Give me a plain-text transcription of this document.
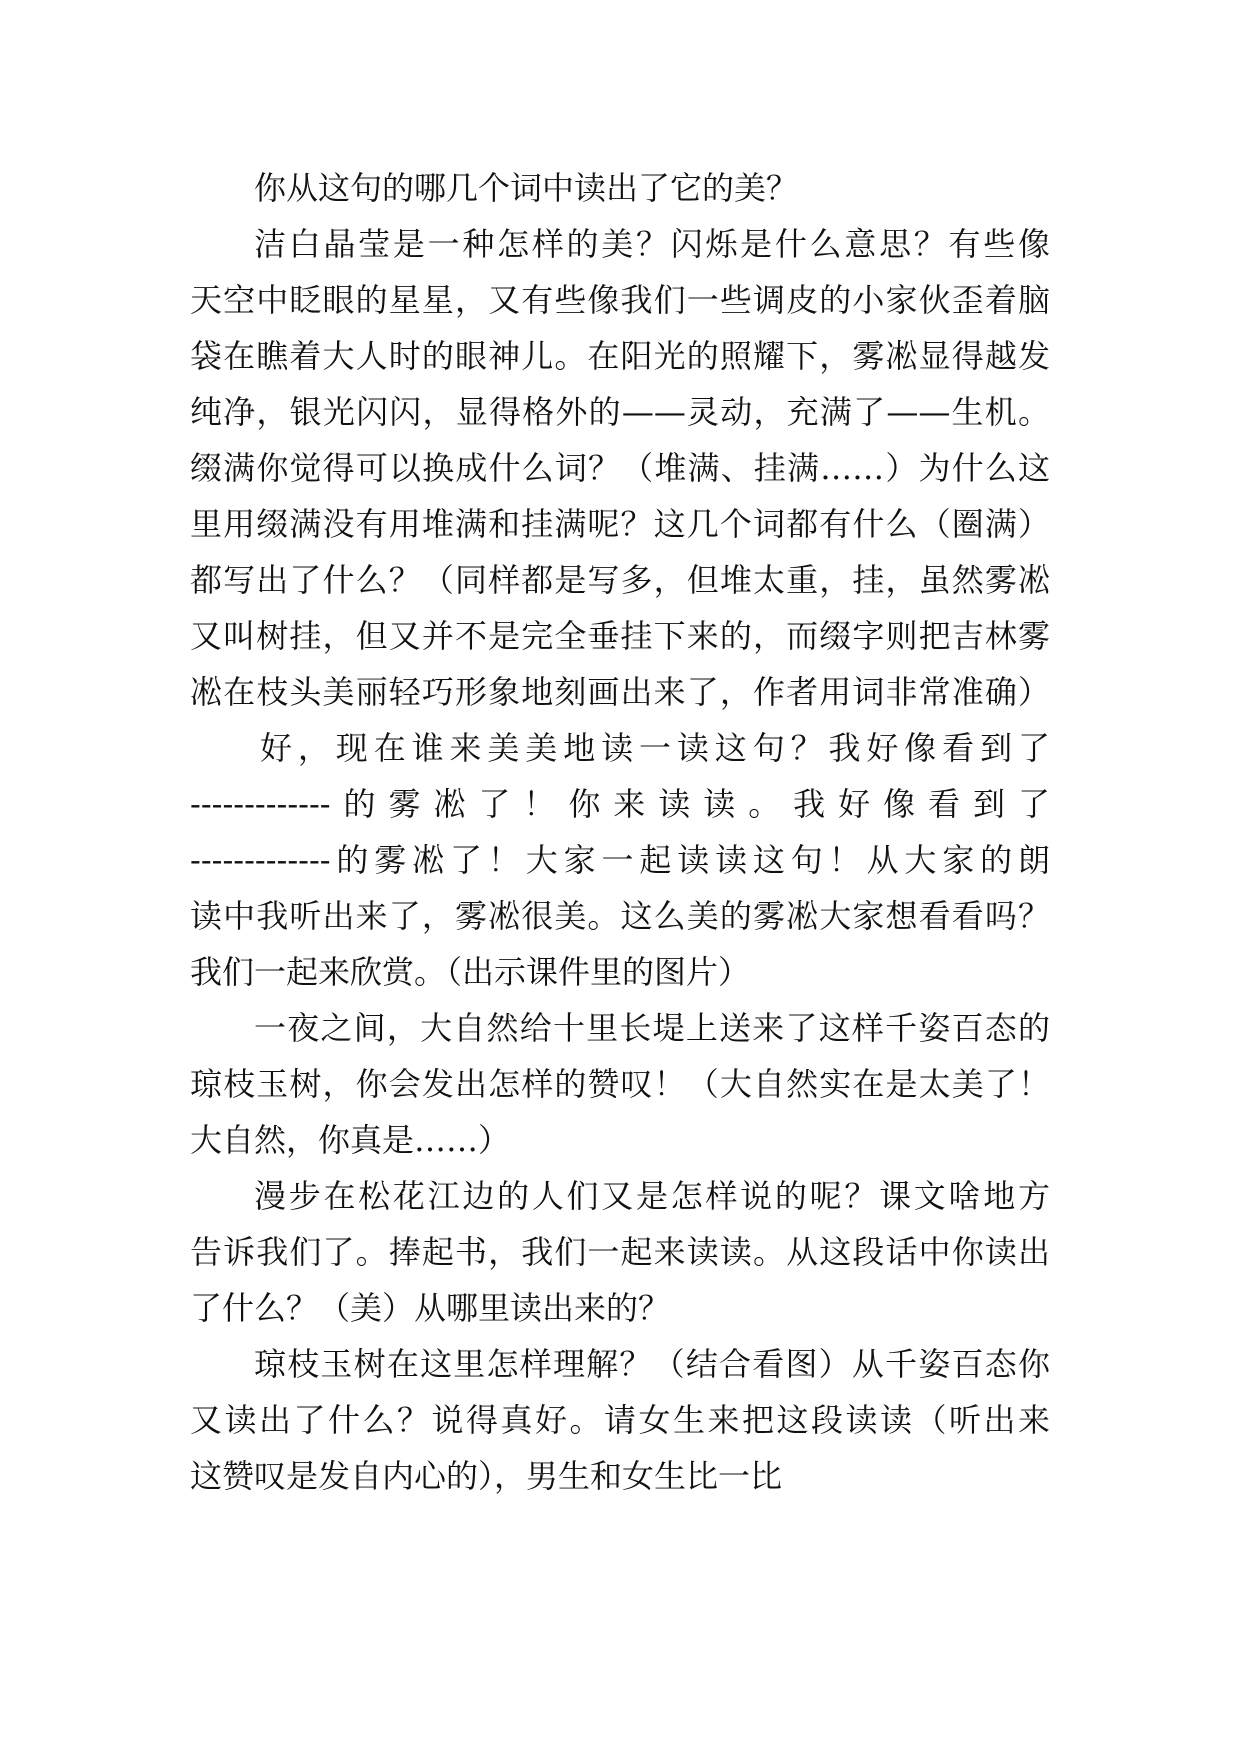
你从这句的哪几个词中读出了它的美？
洁白晶莹是一种怎样的美？闪烁是什么意思？有些像
天空中眨眼的星星，又有些像我们一些调皮的小家伙歪着脑
袋在瞧着大人时的眼神儿。在阳光的照耀下，雾凇显得越发
纯净，银光闪闪，显得格外的——灵动，充满了——生机。
缀满你觉得可以换成什么词？（堆满、挂满……）为什么这
里用缀满没有用堆满和挂满呢？这几个词都有什么（圈满）
都写出了什么？（同样都是写多，但堆太重，挂，虽然雾凇
又叫树挂，但又并不是完全垂挂下来的，而缀字则把吉林雾
凇在枝头美丽轻巧形象地刻画出来了，作者用词非常准确）
好，现在谁来美美地读一读这句？我好像看到了
-------------的雾凇了！你来读读。我好像看到了
-------------的雾凇了！大家一起读读这句！从大家的朗
读中我听出来了，雾凇很美。这么美的雾凇大家想看看吗？
我们一起来欣赏。（出示课件里的图片）
一夜之间，大自然给十里长堤上送来了这样千姿百态的
琼枝玉树，你会发出怎样的赞叹！（大自然实在是太美了！
大自然，你真是……）
漫步在松花江边的人们又是怎样说的呢？课文啥地方
告诉我们了。捧起书，我们一起来读读。从这段话中你读出
了什么？（美）从哪里读出来的？
琼枝玉树在这里怎样理解？（结合看图）从千姿百态你
又读出了什么？说得真好。请女生来把这段读读（听出来
这赞叹是发自内心的），男生和女生比一比
